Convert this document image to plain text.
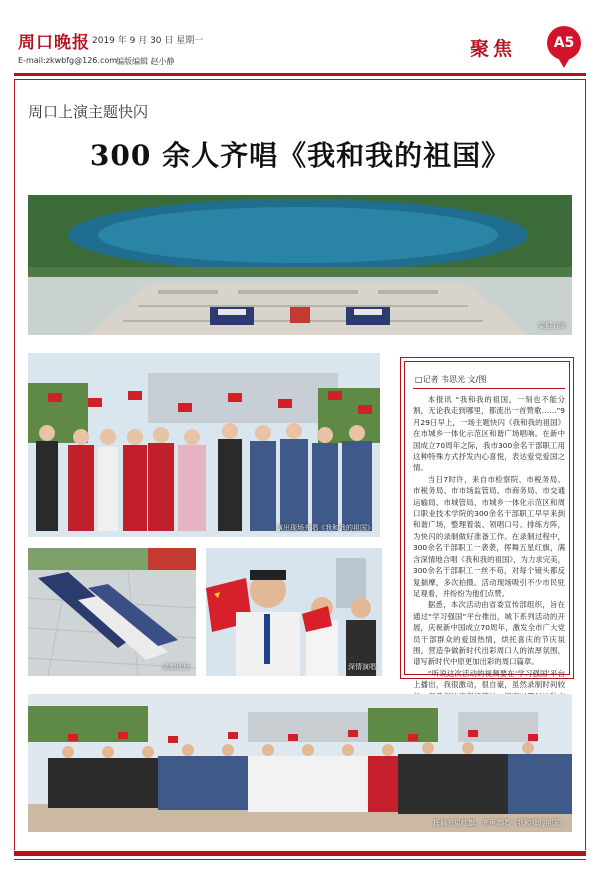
周口晚报 2019 年 9 月 30 日 星期一
E-mail:zkwbfg@126.com
编版编辑 赵小静
聚焦	A5
周口上演主题快闪
300 余人齐唱《我和我的祖国》
梁振方阵
演出现场齐唱《我和我的祖国》
录制现场	深情演唱
□记者 韦思光 文/图

本报讯 “我和我的祖国，一刻也不能分割，无论我走到哪里，都流出一首赞歌……”9月29日早上，一场主题快闪《我和我的祖国》在市城乡一体化示范区和谐广场唱响。在新中国成立70周年之际，我市300余名干部职工用这种特殊方式抒发内心喜悦，表达爱党爱国之情。

当日7时许，来自市检察院、市税务局、市税务局、市市场监管局、市商务局、市交通运输局、市城管局、市城乡一体化示范区和周口职业技术学院的300余名干部职工早早来到和谐广场，整理着装、领唱口号、排练方阵，为快闪的录制做好准备工作。在录制过程中，300余名干部职工一袭袭，挥舞五星红旗，满含深情地合唱《我和我的祖国》，为力求完美，300余名干部职工一丝不苟，对每个镜头都反复揣摩，多次拍摄。活动现场吸引不少市民驻足观看，并纷纷为他们点赞。

据悉，本次活动由省委宣传部组织，旨在通过“学习强国”平台推出，城下系列活动的开展，庆祝新中国成立70周年，激发全市广大党员干部群众的爱国热情，烘托喜庆的节庆氛围，营造争做新时代出彩周口人的浓厚氛围，谱写新时代中原更加出彩的周口篇章。

“听说这次活动的视频要在‘学习强国’平台上播出，我很激动，很自豪，虽然录制时间较

挥舞五星红旗，齐声高唱《我和我的祖国》
